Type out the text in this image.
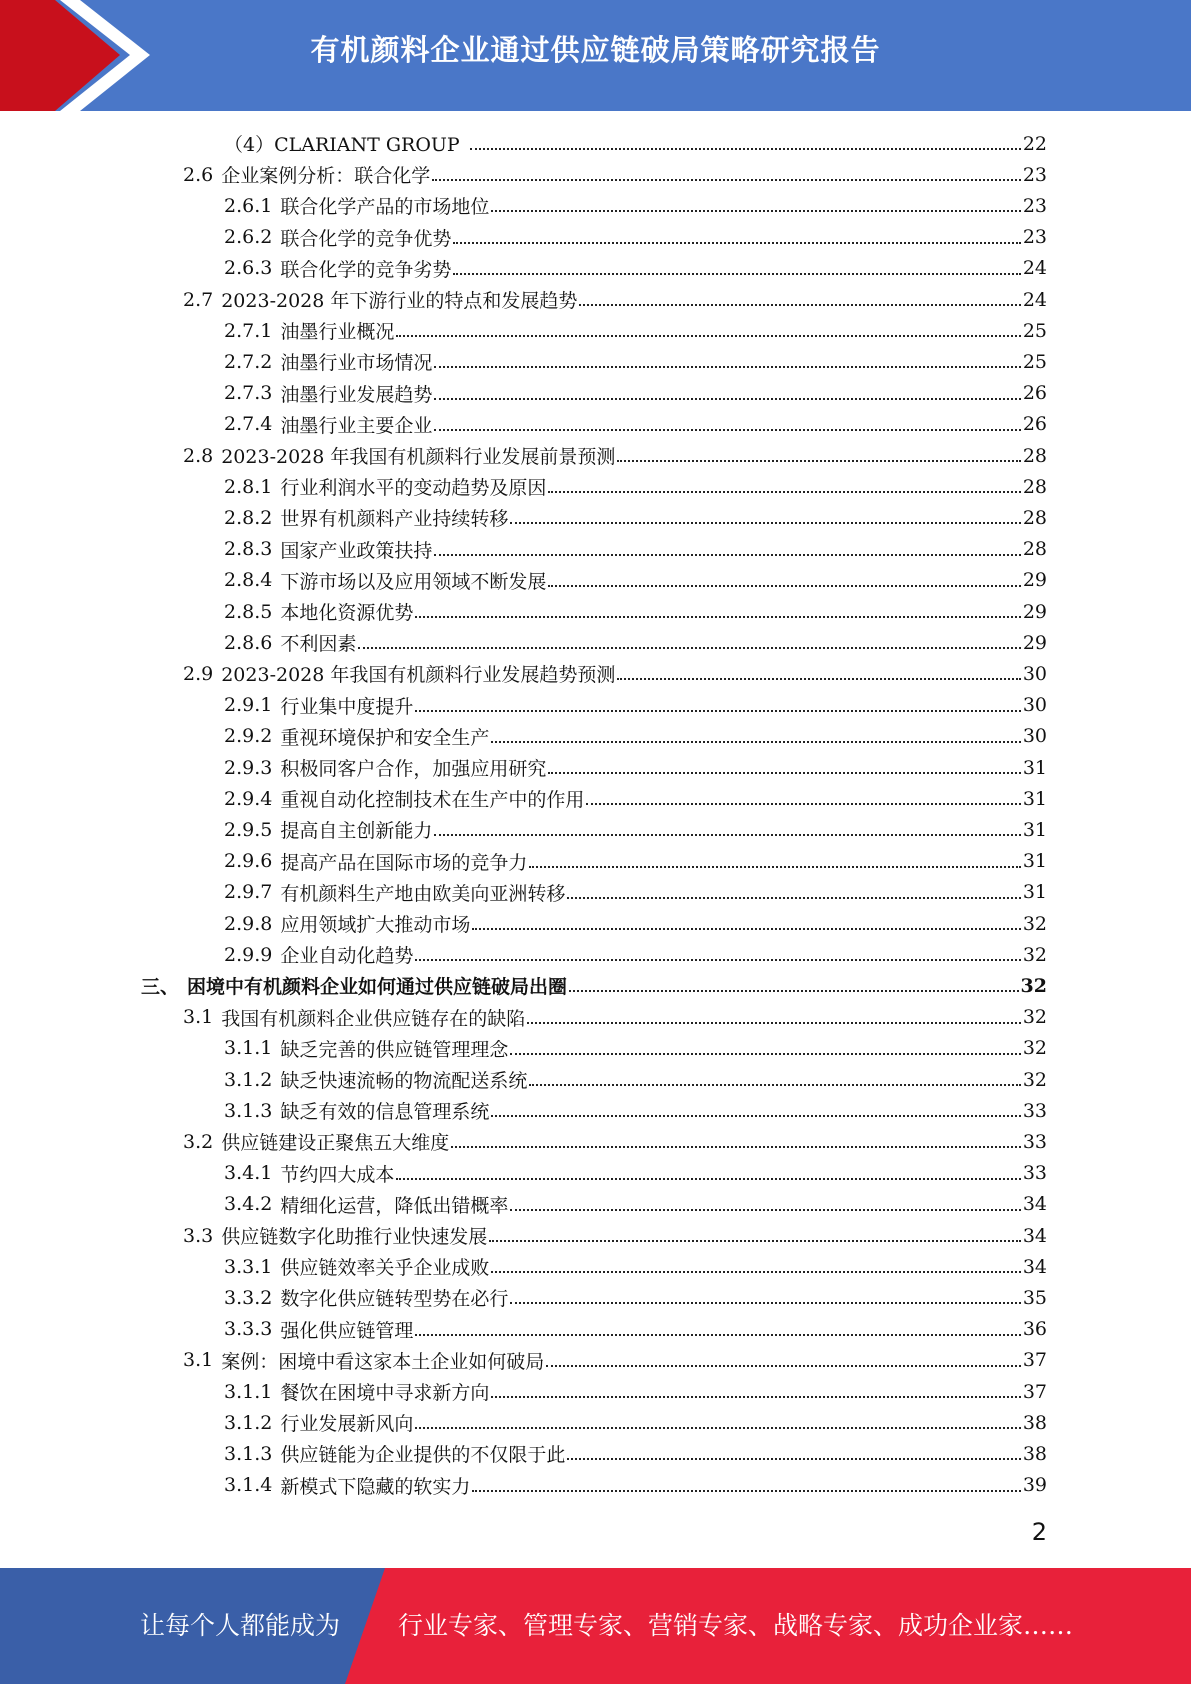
有机颜料企业通过供应链破局策略研究报告
（4）CLARIANT GROUP	22
2.6 企业案例分析：联合化学	23
2.6.1 联合化学产品的市场地位	23
2.6.2 联合化学的竞争优势	23
2.6.3 联合化学的竞争劣势	24
2.7 2023-2028 年下游行业的特点和发展趋势	24
2.7.1 油墨行业概况	25
2.7.2 油墨行业市场情况	25
2.7.3 油墨行业发展趋势	26
2.7.4 油墨行业主要企业	26
2.8 2023-2028 年我国有机颜料行业发展前景预测	28
2.8.1 行业利润水平的变动趋势及原因	28
2.8.2 世界有机颜料产业持续转移	28
2.8.3 国家产业政策扶持	28
2.8.4 下游市场以及应用领域不断发展	29
2.8.5 本地化资源优势	29
2.8.6 不利因素	29
2.9 2023-2028 年我国有机颜料行业发展趋势预测	30
2.9.1 行业集中度提升	30
2.9.2 重视环境保护和安全生产	30
2.9.3 积极同客户合作，加强应用研究	31
2.9.4 重视自动化控制技术在生产中的作用	31
2.9.5 提高自主创新能力	31
2.9.6 提高产品在国际市场的竞争力	31
2.9.7 有机颜料生产地由欧美向亚洲转移	31
2.9.8 应用领域扩大推动市场	32
2.9.9 企业自动化趋势	32
三、 困境中有机颜料企业如何通过供应链破局出圈	32
3.1 我国有机颜料企业供应链存在的缺陷	32
3.1.1 缺乏完善的供应链管理理念	32
3.1.2 缺乏快速流畅的物流配送系统	32
3.1.3 缺乏有效的信息管理系统	33
3.2 供应链建设正聚焦五大维度	33
3.4.1 节约四大成本	33
3.4.2 精细化运营，降低出错概率	34
3.3 供应链数字化助推行业快速发展	34
3.3.1 供应链效率关乎企业成败	34
3.3.2 数字化供应链转型势在必行	35
3.3.3 强化供应链管理	36
3.1 案例：困境中看这家本土企业如何破局	37
3.1.1 餐饮在困境中寻求新方向	37
3.1.2 行业发展新风向	38
3.1.3 供应链能为企业提供的不仅限于此	38
3.1.4 新模式下隐藏的软实力	39
2
让每个人都能成为 行业专家、管理专家、营销专家、战略专家、成功企业家……
